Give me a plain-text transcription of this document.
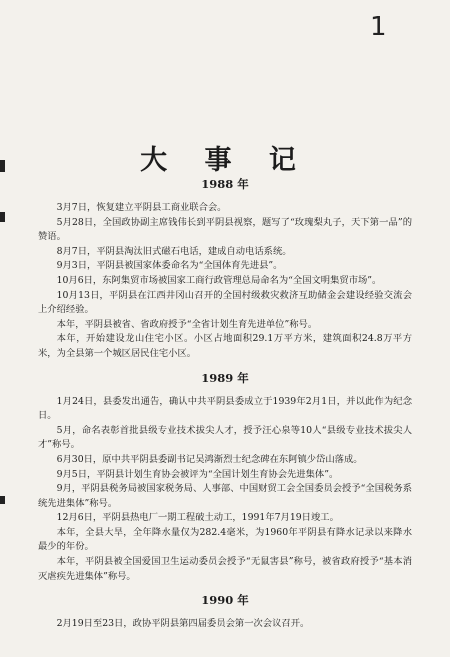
1
大 事 记
1988 年

3月7日，恢复建立平阴县工商业联合会。

5月28日，全国政协副主席钱伟长到平阴县视察，题写了“玫瑰梨丸子，天下第一品”的赞语。

8月7日，平阴县淘汰旧式磁石电话，建成自动电话系统。

9月3日，平阴县被国家体委命名为“全国体育先进县”。

10月6日，东阿集贸市场被国家工商行政管理总局命名为“全国文明集贸市场”。

10月13日，平阴县在江西井冈山召开的全国村级救灾救济互助储金会建设经验交流会上介绍经验。

本年，平阴县被省、省政府授予“全省计划生育先进单位”称号。

本年，开始建设龙山住宅小区。小区占地面积29.1万平方米，建筑面积24.8万平方米，为全县第一个城区居民住宅小区。

1989 年

1月24日，县委发出通告，确认中共平阴县委成立于1939年2月1日，并以此作为纪念日。

5月，命名表彰首批县级专业技术拔尖人才，授予汪心泉等10人“县级专业技术拔尖人才”称号。

6月30日，原中共平阴县委副书记吴鸿渐烈士纪念碑在东阿镇少岱山落成。

9月5日，平阴县计划生育协会被评为“全国计划生育协会先进集体”。

9月，平阴县税务局被国家税务局、人事部、中国财贸工会全国委员会授予“全国税务系统先进集体”称号。

12月6日，平阴县热电厂一期工程破土动工，1991年7月19日竣工。

本年，全县大旱，全年降水量仅为282.4毫米，为1960年平阴县有降水记录以来降水最少的年份。

本年，平阴县被全国爱国卫生运动委员会授予“无鼠害县”称号，被省政府授予“基本消灭虐疾先进集体”称号。

1990 年

2月19日至23日，政协平阴县第四届委员会第一次会议召开。
